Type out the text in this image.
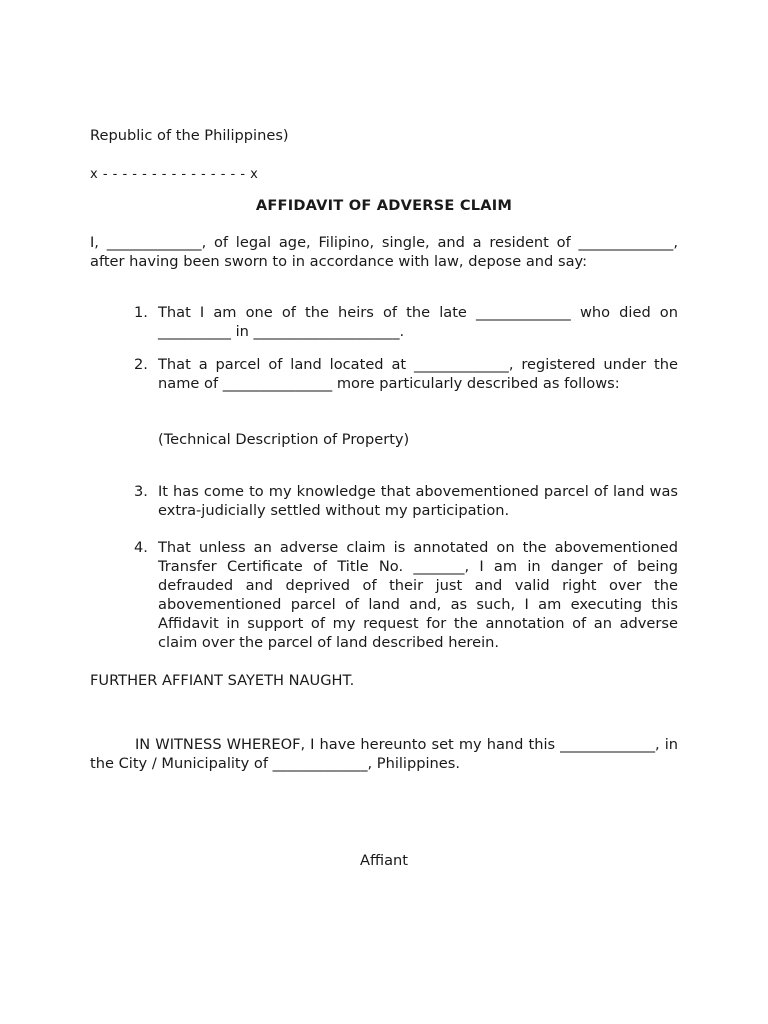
Republic of the Philippines)
x - - - - - - - - - - - - - - - x
AFFIDAVIT OF ADVERSE CLAIM

I, _____________, of legal age, Filipino, single, and a resident of _____________, after having been sworn to in accordance with law, depose and say:

1. That I am one of the heirs of the late _____________ who died on __________ in ____________________.

2. That a parcel of land located at _____________, registered under the name of _______________ more particularly described as follows:

(Technical Description of Property)
3. It has come to my knowledge that abovementioned parcel of land was extra-judicially settled without my participation.

4. That unless an adverse claim is annotated on the abovementioned Transfer Certificate of Title No. _______, I am in danger of being defrauded and deprived of their just and valid right over the abovementioned parcel of land and, as such, I am executing this Affidavit in support of my request for the annotation of an adverse claim over the parcel of land described herein.

FURTHER AFFIANT SAYETH NAUGHT.

IN WITNESS WHEREOF, I have hereunto set my hand this _____________, in the City / Municipality of _____________, Philippines.

Affiant
